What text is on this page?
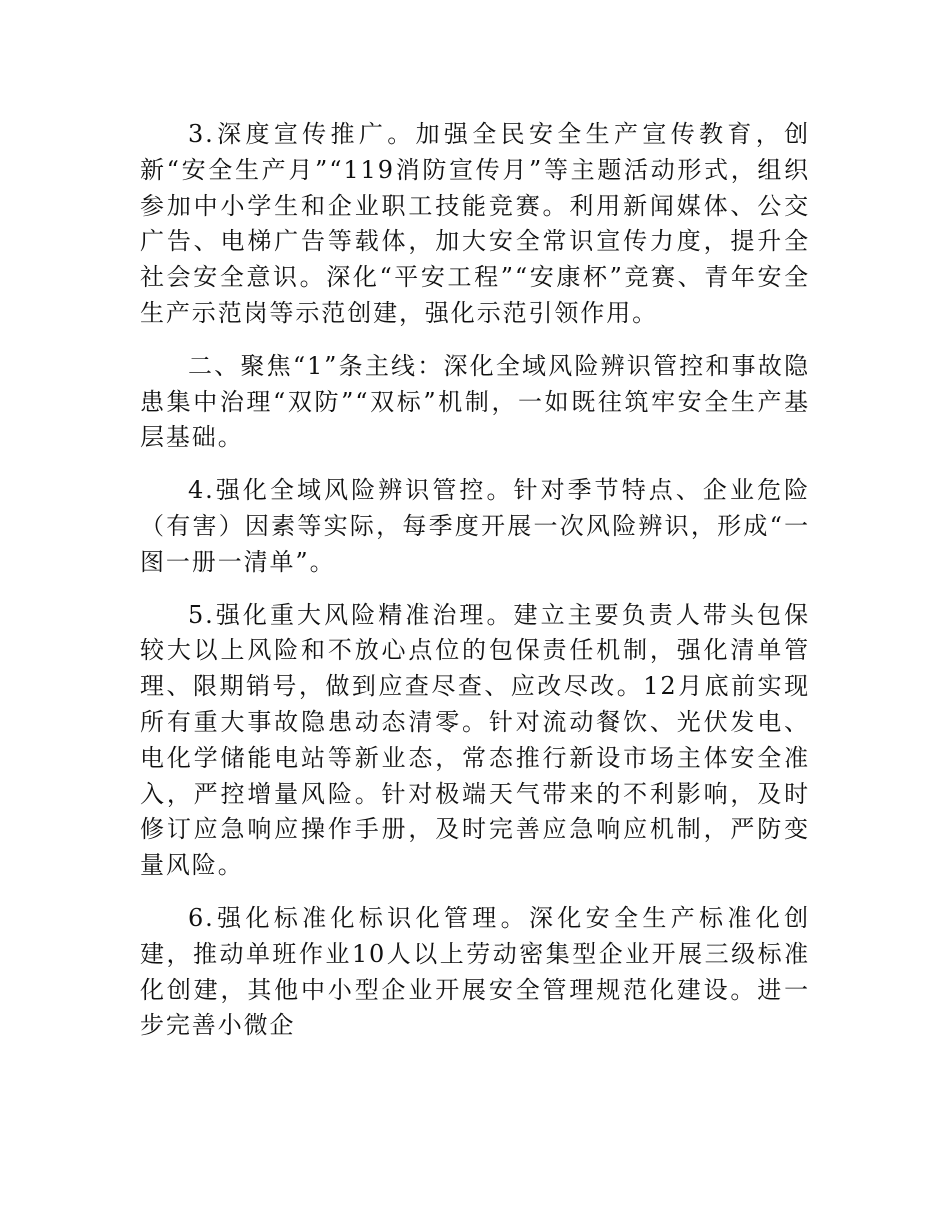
3.深度宣传推广。加强全民安全生产宣传教育，创新“安全生产月”“119消防宣传月”等主题活动形式，组织参加中小学生和企业职工技能竞赛。利用新闻媒体、公交广告、电梯广告等载体，加大安全常识宣传力度，提升全社会安全意识。深化“平安工程”“安康杯”竞赛、青年安全生产示范岗等示范创建，强化示范引领作用。

二、聚焦“1”条主线：深化全域风险辨识管控和事故隐患集中治理“双防”“双标”机制，一如既往筑牢安全生产基层基础。

4.强化全域风险辨识管控。针对季节特点、企业危险（有害）因素等实际，每季度开展一次风险辨识，形成“一图一册一清单”。

5.强化重大风险精准治理。建立主要负责人带头包保较大以上风险和不放心点位的包保责任机制，强化清单管理、限期销号，做到应查尽查、应改尽改。12月底前实现所有重大事故隐患动态清零。针对流动餐饮、光伏发电、电化学储能电站等新业态，常态推行新设市场主体安全准入，严控增量风险。针对极端天气带来的不利影响，及时修订应急响应操作手册，及时完善应急响应机制，严防变量风险。

6.强化标准化标识化管理。深化安全生产标准化创建，推动单班作业10人以上劳动密集型企业开展三级标准化创建，其他中小型企业开展安全管理规范化建设。进一步完善小微企
